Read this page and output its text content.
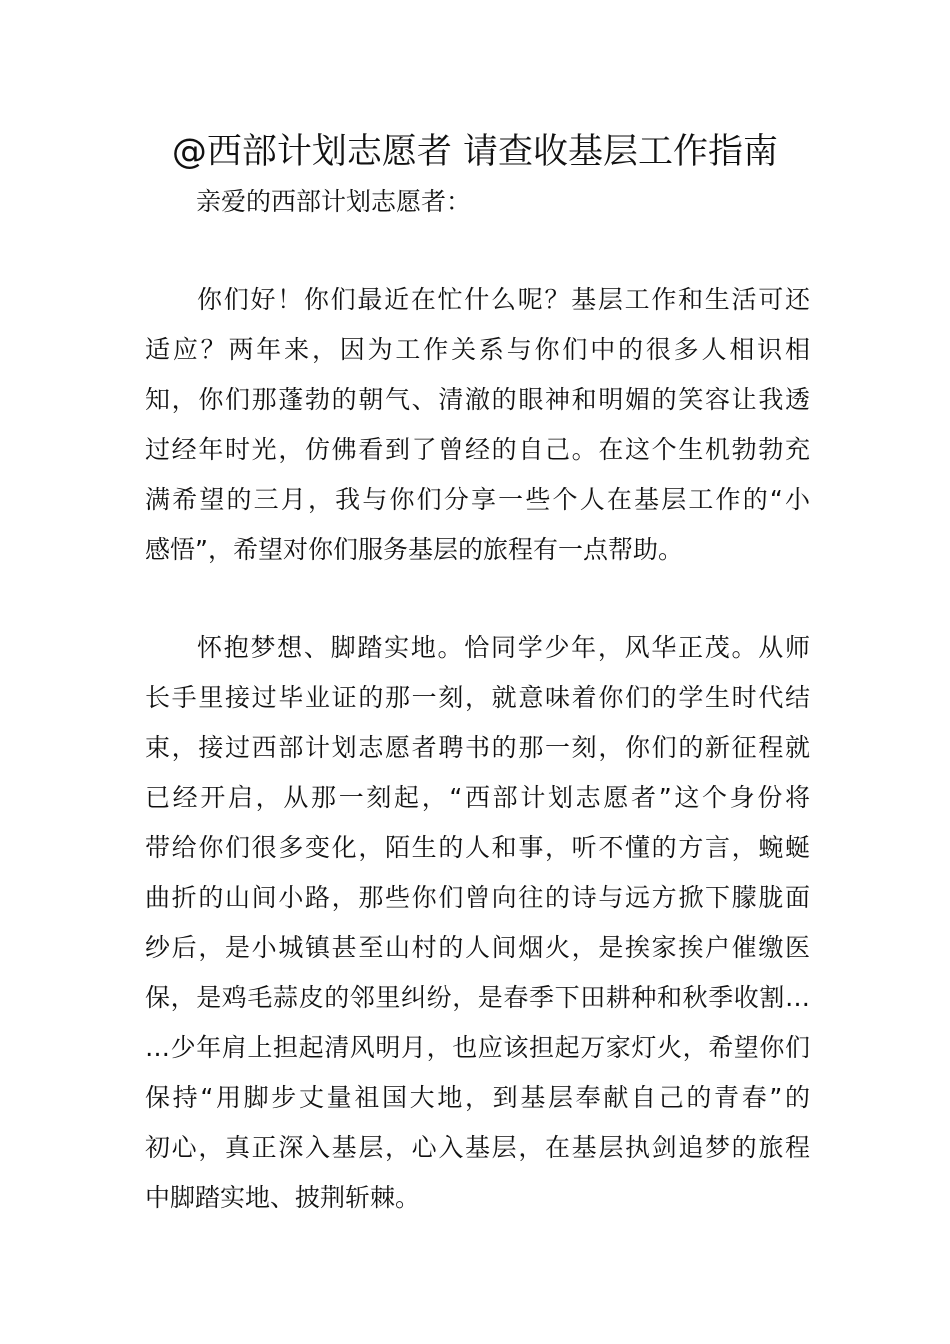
@西部计划志愿者 请查收基层工作指南
亲爱的西部计划志愿者：
你们好！你们最近在忙什么呢？基层工作和生活可还
适应？两年来，因为工作关系与你们中的很多人相识相
知，你们那蓬勃的朝气、清澈的眼神和明媚的笑容让我透
过经年时光，仿佛看到了曾经的自己。在这个生机勃勃充
满希望的三月，我与你们分享一些个人在基层工作的“小
感悟”，希望对你们服务基层的旅程有一点帮助。
怀抱梦想、脚踏实地。恰同学少年，风华正茂。从师
长手里接过毕业证的那一刻，就意味着你们的学生时代结
束，接过西部计划志愿者聘书的那一刻，你们的新征程就
已经开启，从那一刻起，“西部计划志愿者”这个身份将
带给你们很多变化，陌生的人和事，听不懂的方言，蜿蜒
曲折的山间小路，那些你们曾向往的诗与远方掀下朦胧面
纱后，是小城镇甚至山村的人间烟火，是挨家挨户催缴医
保，是鸡毛蒜皮的邻里纠纷，是春季下田耕种和秋季收割…
…少年肩上担起清风明月，也应该担起万家灯火，希望你们
保持“用脚步丈量祖国大地，到基层奉献自己的青春”的
初心，真正深入基层，心入基层，在基层执剑追梦的旅程
中脚踏实地、披荆斩棘。
